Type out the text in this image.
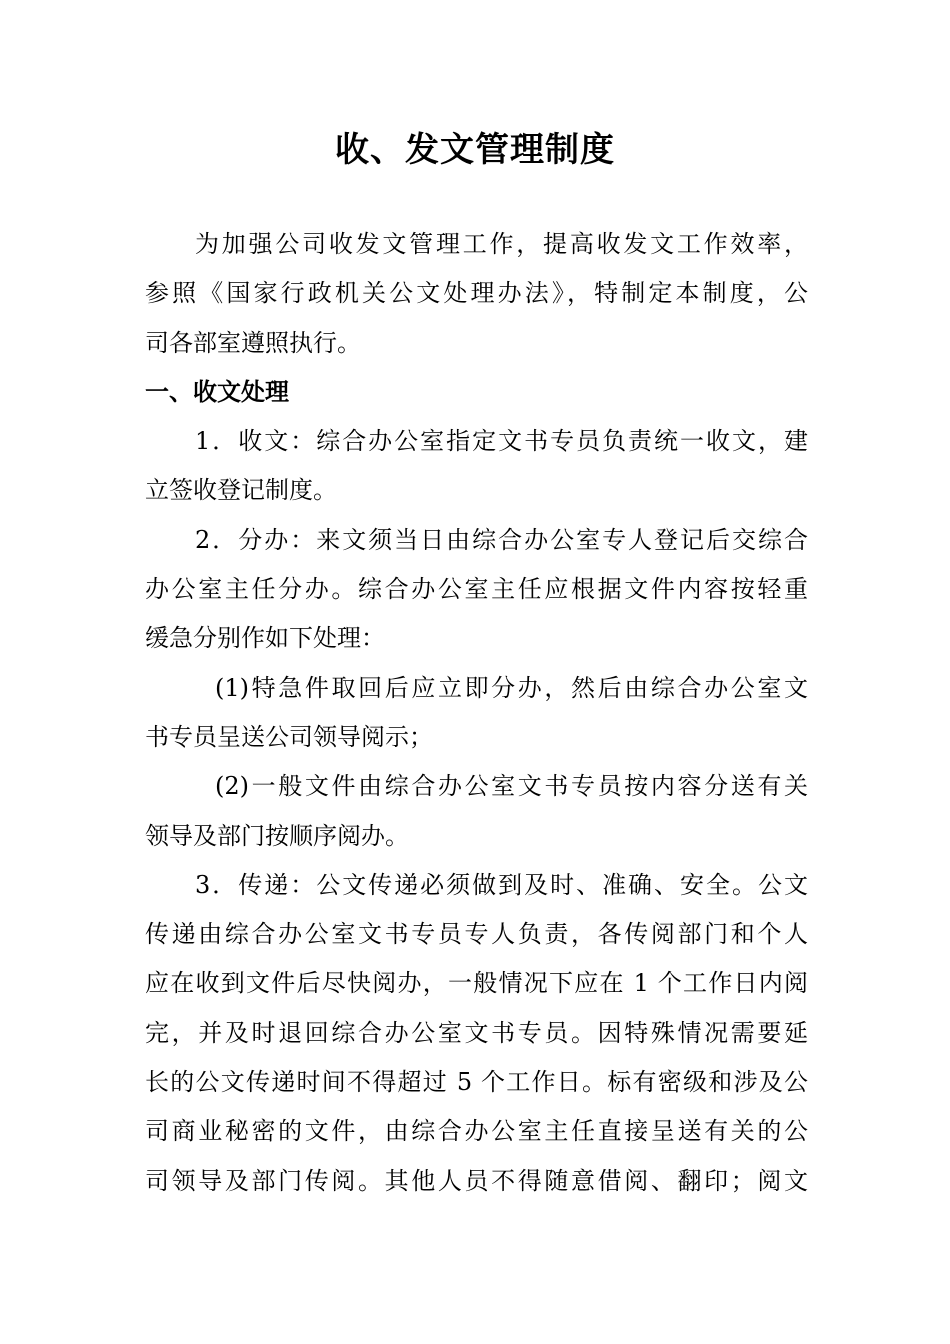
收、发文管理制度
为加强公司收发文管理工作，提高收发文工作效率，
参照《国家行政机关公文处理办法》，特制定本制度，公
司各部室遵照执行。
一、收文处理
1．收文：综合办公室指定文书专员负责统一收文，建
立签收登记制度。
2．分办：来文须当日由综合办公室专人登记后交综合
办公室主任分办。综合办公室主任应根据文件内容按轻重
缓急分别作如下处理：
(1)特急件取回后应立即分办，然后由综合办公室文
书专员呈送公司领导阅示；
(2)一般文件由综合办公室文书专员按内容分送有关
领导及部门按顺序阅办。
3．传递：公文传递必须做到及时、准确、安全。公文
传递由综合办公室文书专员专人负责，各传阅部门和个人
应在收到文件后尽快阅办，一般情况下应在 1 个工作日内阅
完，并及时退回综合办公室文书专员。因特殊情况需要延
长的公文传递时间不得超过 5 个工作日。标有密级和涉及公
司商业秘密的文件，由综合办公室主任直接呈送有关的公
司领导及部门传阅。其他人员不得随意借阅、翻印；阅文
